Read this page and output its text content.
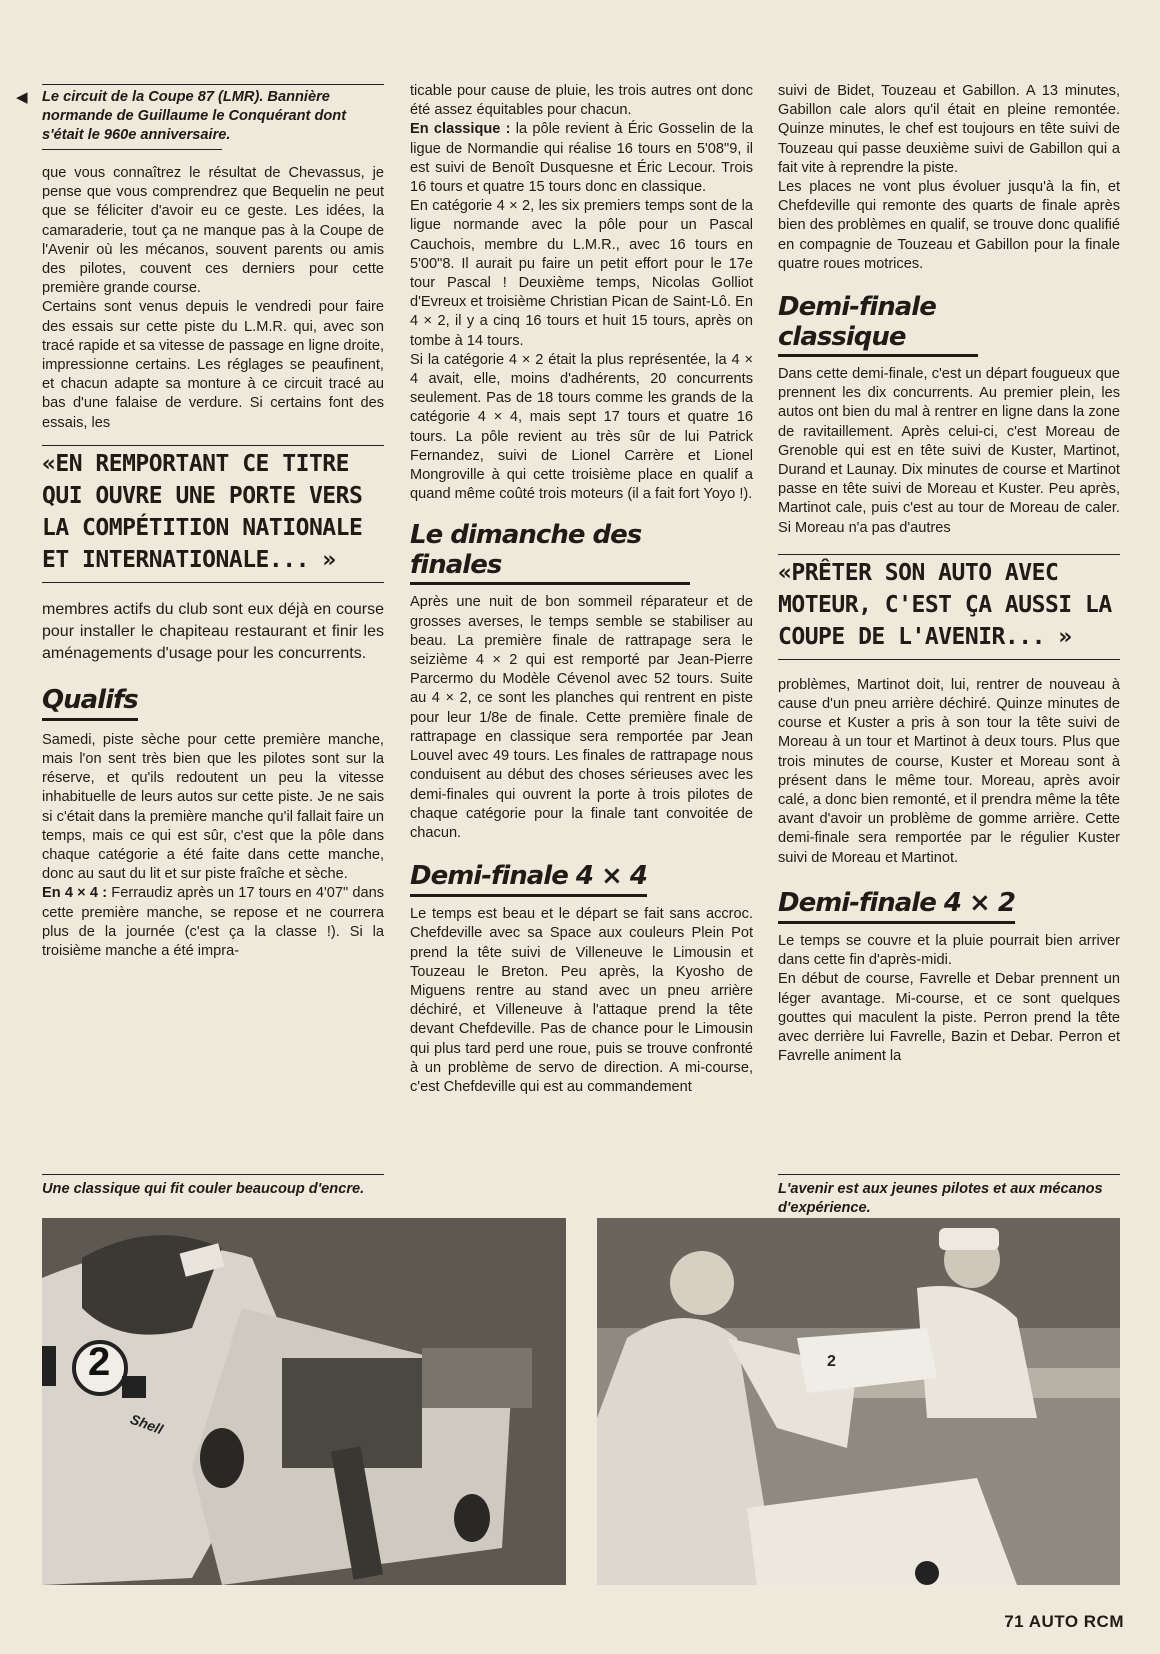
◀ Le circuit de la Coupe 87 (LMR). Bannière normande de Guillaume le Conquérant dont s'était le 960e anniversaire.

que vous connaîtrez le résultat de Chevassus, je pense que vous comprendrez que Bequelin ne peut que se féliciter d'avoir eu ce geste. Les idées, la camaraderie, tout ça ne manque pas à la Coupe de l'Avenir où les mécanos, souvent parents ou amis des pilotes, couvent ces derniers pour cette première grande course.

Certains sont venus depuis le vendredi pour faire des essais sur cette piste du L.M.R. qui, avec son tracé rapide et sa vitesse de passage en ligne droite, impressionne certains. Les réglages se peaufinent, et chacun adapte sa monture à ce circuit tracé au bas d'une falaise de verdure. Si certains font des essais, les

«EN REMPORTANT CE TITRE QUI OUVRE UNE PORTE VERS LA COMPÉTITION NATIONALE ET INTERNATIONALE... »

membres actifs du club sont eux déjà en course pour installer le chapiteau restaurant et finir les aménagements d'usage pour les concurrents.

Qualifs

Samedi, piste sèche pour cette première manche, mais l'on sent très bien que les pilotes sont sur la réserve, et qu'ils redoutent un peu la vitesse inhabituelle de leurs autos sur cette piste. Je ne sais si c'était dans la première manche qu'il fallait faire un temps, mais ce qui est sûr, c'est que la pôle dans chaque catégorie a été faite dans cette manche, donc au saut du lit et sur piste fraîche et sèche.

En 4 × 4 : Ferraudiz après un 17 tours en 4'07" dans cette première manche, se repose et ne courrera plus de la journée (c'est ça la classe !). Si la troisième manche a été impra-

ticable pour cause de pluie, les trois autres ont donc été assez équitables pour chacun.

En classique : la pôle revient à Éric Gosselin de la ligue de Normandie qui réalise 16 tours en 5'08"9, il est suivi de Benoît Dusquesne et Éric Lecour. Trois 16 tours et quatre 15 tours donc en classique.

En catégorie 4 × 2, les six premiers temps sont de la ligue normande avec la pôle pour un Pascal Cauchois, membre du L.M.R., avec 16 tours en 5'00"8. Il aurait pu faire un petit effort pour le 17e tour Pascal ! Deuxième temps, Nicolas Golliot d'Evreux et troisième Christian Pican de Saint-Lô. En 4 × 2, il y a cinq 16 tours et huit 15 tours, après on tombe à 14 tours.

Si la catégorie 4 × 2 était la plus représentée, la 4 × 4 avait, elle, moins d'adhérents, 20 concurrents seulement. Pas de 18 tours comme les grands de la catégorie 4 × 4, mais sept 17 tours et quatre 16 tours. La pôle revient au très sûr de lui Patrick Fernandez, suivi de Lionel Carrère et Lionel Mongroville à qui cette troisième place en qualif a quand même coûté trois moteurs (il a fait fort Yoyo !).

Le dimanche des finales

Après une nuit de bon sommeil réparateur et de grosses averses, le temps semble se stabiliser au beau. La première finale de rattrapage sera le seizième 4 × 2 qui est remporté par Jean-Pierre Parcermo du Modèle Cévenol avec 52 tours. Suite au 4 × 2, ce sont les planches qui rentrent en piste pour leur 1/8e de finale. Cette première finale de rattrapage en classique sera remportée par Jean Louvel avec 49 tours. Les finales de rattrapage nous conduisent au début des choses sérieuses avec les demi-finales qui ouvrent la porte à trois pilotes de chaque catégorie pour la finale tant convoitée de chacun.

Demi-finale 4 × 4

Le temps est beau et le départ se fait sans accroc. Chefdeville avec sa Space aux couleurs Plein Pot prend la tête suivi de Villeneuve le Limousin et Touzeau le Breton. Peu après, la Kyosho de Miguens rentre au stand avec un pneu arrière déchiré, et Villeneuve à l'attaque prend la tête devant Chefdeville. Pas de chance pour le Limousin qui plus tard perd une roue, puis se trouve confronté à un problème de servo de direction. A mi-course, c'est Chefdeville qui est au commandement

suivi de Bidet, Touzeau et Gabillon. A 13 minutes, Gabillon cale alors qu'il était en pleine remontée. Quinze minutes, le chef est toujours en tête suivi de Touzeau qui passe deuxième suivi de Gabillon qui a fait vite à reprendre la piste.

Les places ne vont plus évoluer jusqu'à la fin, et Chefdeville qui remonte des quarts de finale après bien des problèmes en qualif, se trouve donc qualifié en compagnie de Touzeau et Gabillon pour la finale quatre roues motrices.

Demi-finale classique

Dans cette demi-finale, c'est un départ fougueux que prennent les dix concurrents. Au premier plein, les autos ont bien du mal à rentrer en ligne dans la zone de ravitaillement. Après celui-ci, c'est Moreau de Grenoble qui est en tête suivi de Kuster, Martinot, Durand et Launay. Dix minutes de course et Martinot passe en tête suivi de Moreau et Kuster. Peu après, Martinot cale, puis c'est au tour de Moreau de caler. Si Moreau n'a pas d'autres

«PRÊTER SON AUTO AVEC MOTEUR, C'EST ÇA AUSSI LA COUPE DE L'AVENIR... »

problèmes, Martinot doit, lui, rentrer de nouveau à cause d'un pneu arrière déchiré. Quinze minutes de course et Kuster a pris à son tour la tête suivi de Moreau à un tour et Martinot à deux tours. Plus que trois minutes de course, Kuster et Moreau sont à présent dans le même tour. Moreau, après avoir calé, a donc bien remonté, et il prendra même la tête avant d'avoir un problème de gomme arrière. Cette demi-finale sera remportée par le régulier Kuster suivi de Moreau et Martinot.

Demi-finale 4 × 2

Le temps se couvre et la pluie pourrait bien arriver dans cette fin d'après-midi.

En début de course, Favrelle et Debar prennent un léger avantage. Mi-course, et ce sont quelques gouttes qui maculent la piste. Perron prend la tête avec derrière lui Favrelle, Bazin et Debar. Perron et Favrelle animent la

Une classique qui fit couler beaucoup d'encre.	L'avenir est aux jeunes pilotes et aux mécanos d'expérience.

2
Shell
2
71 AUTO RCM
